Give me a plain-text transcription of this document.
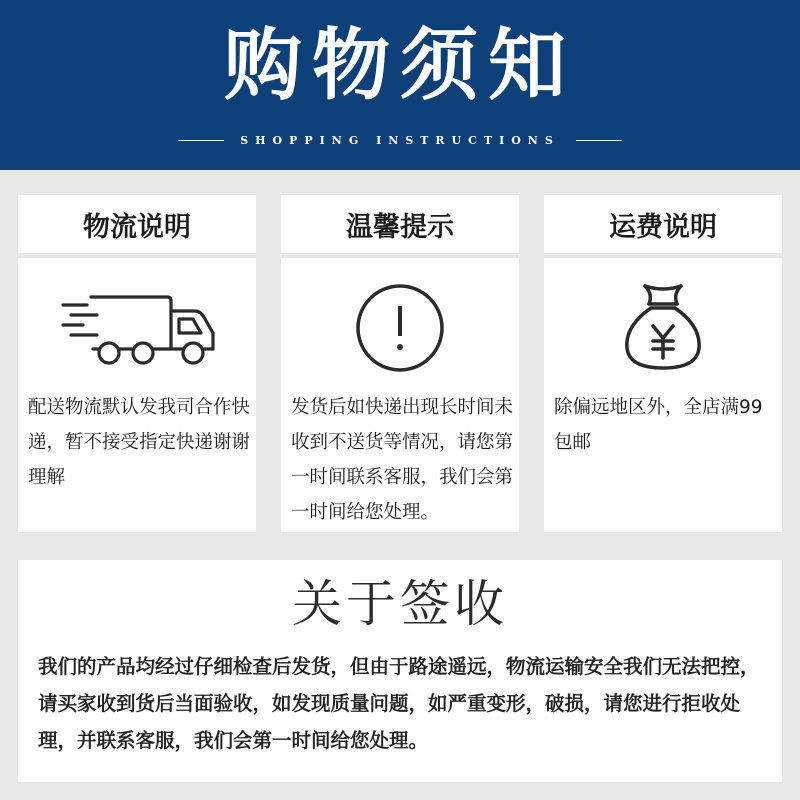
购物须知
SHOPPING INSTRUCTIONS
物流说明
配送物流默认发我司合作快递，暂不接受指定快递谢谢理解
温馨提示
发货后如快递出现长时间未收到不送货等情况，请您第一时间联系客服，我们会第一时间给您处理。
运费说明
除偏远地区外，全店满99包邮
关于签收
我们的产品均经过仔细检查后发货，但由于路途遥远，物流运输安全我们无法把控，请买家收到货后当面验收，如发现质量问题，如严重变形，破损，请您进行拒收处理，并联系客服，我们会第一时间给您处理。
